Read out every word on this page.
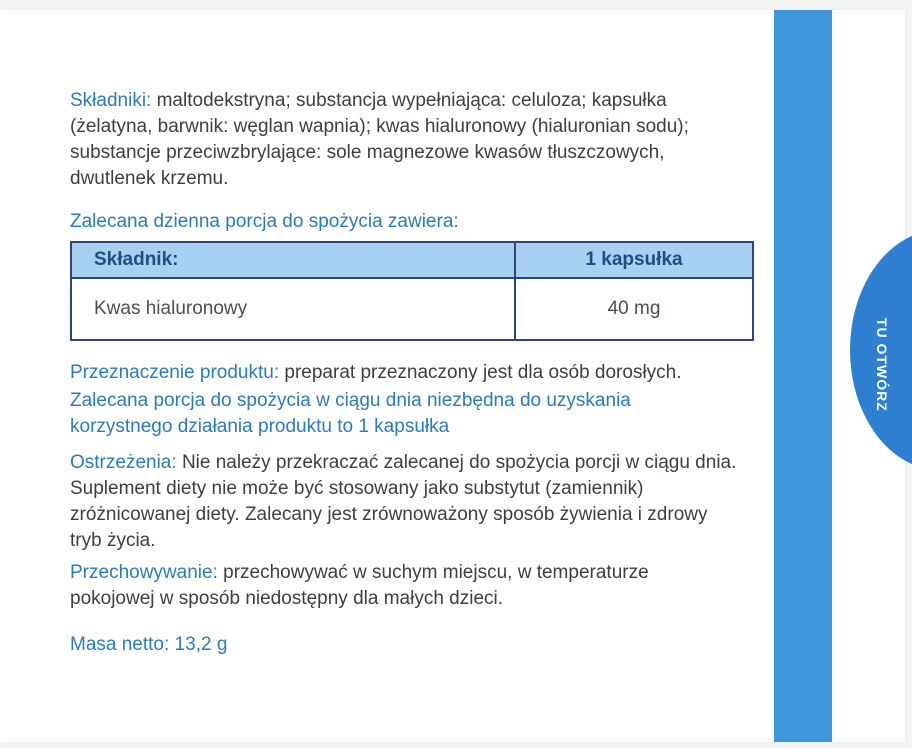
TU OTWÓRZ

Składniki: maltodekstryna; substancja wypełniająca: celuloza; kapsułka

(żelatyna, barwnik: węglan wapnia); kwas hialuronowy (hialuronian sodu);

substancje przeciwzbrylające: sole magnezowe kwasów tłuszczowych,

dwutlenek krzemu.

Zalecana dzienna porcja do spożycia zawiera:
Składnik:	1 kapsułka
Kwas hialuronowy	40 mg

Przeznaczenie produktu: preparat przeznaczony jest dla osób dorosłych.

Zalecana porcja do spożycia w ciągu dnia niezbędna do uzyskania

korzystnego działania produktu to 1 kapsułka

Ostrzeżenia: Nie należy przekraczać zalecanej do spożycia porcji w ciągu dnia.

Suplement diety nie może być stosowany jako substytut (zamiennik)

zróżnicowanej diety. Zalecany jest zrównoważony sposób żywienia i zdrowy

tryb życia.

Przechowywanie: przechowywać w suchym miejscu, w temperaturze

pokojowej w sposób niedostępny dla małych dzieci.

Masa netto: 13,2 g
